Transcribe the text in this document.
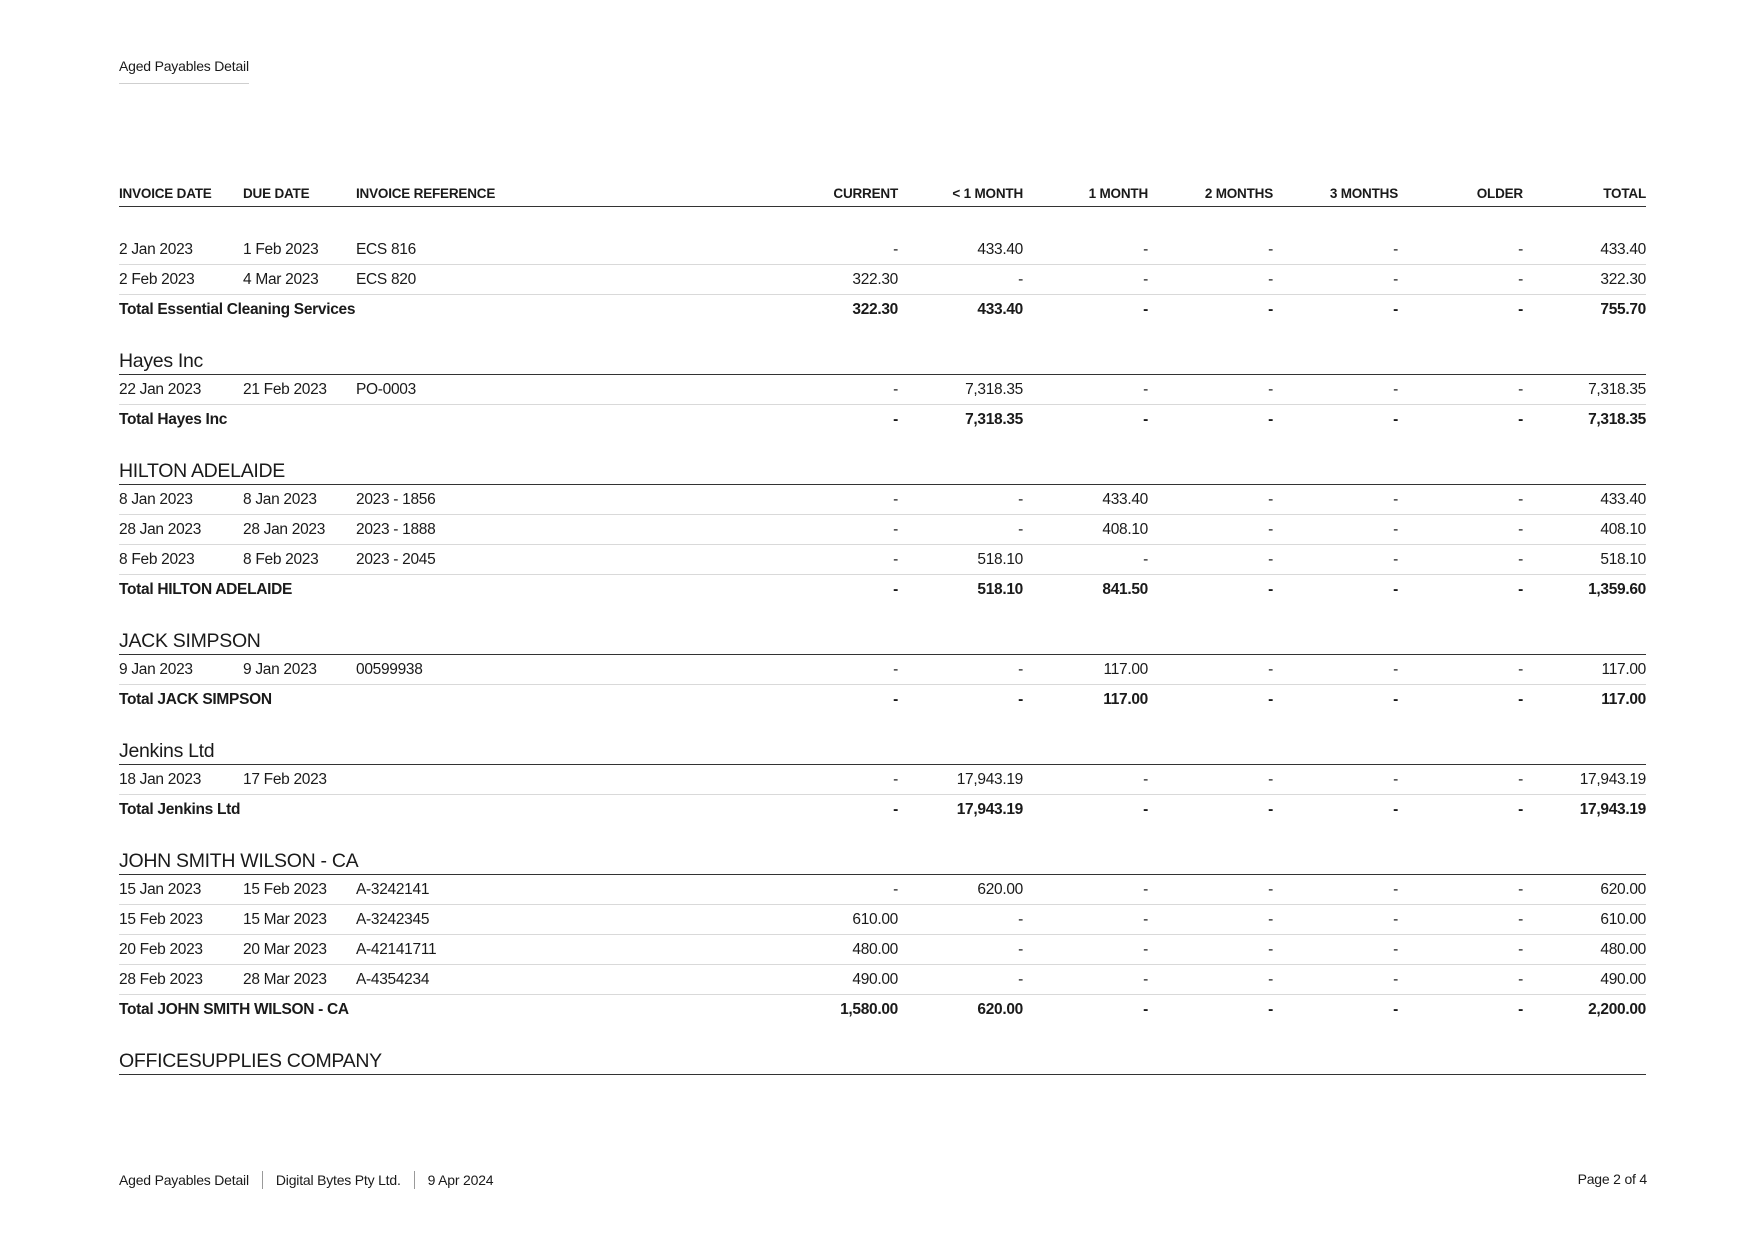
Aged Payables Detail
INVOICE DATE	DUE DATE	INVOICE REFERENCE	CURRENT	< 1 MONTH	1 MONTH	2 MONTHS	3 MONTHS	OLDER	TOTAL

2 Jan 2023	1 Feb 2023	ECS 816	-	433.40	-	-	-	-	433.40
2 Feb 2023	4 Mar 2023	ECS 820	322.30	-	-	-	-	-	322.30
Total Essential Cleaning Services			322.30	433.40	-	-	-	-	755.70

Hayes Inc									
22 Jan 2023	21 Feb 2023	PO-0003	-	7,318.35	-	-	-	-	7,318.35
Total Hayes Inc			-	7,318.35	-	-	-	-	7,318.35

HILTON ADELAIDE									
8 Jan 2023	8 Jan 2023	2023 - 1856	-	-	433.40	-	-	-	433.40
28 Jan 2023	28 Jan 2023	2023 - 1888	-	-	408.10	-	-	-	408.10
8 Feb 2023	8 Feb 2023	2023 - 2045	-	518.10	-	-	-	-	518.10
Total HILTON ADELAIDE			-	518.10	841.50	-	-	-	1,359.60

JACK SIMPSON									
9 Jan 2023	9 Jan 2023	00599938	-	-	117.00	-	-	-	117.00
Total JACK SIMPSON			-	-	117.00	-	-	-	117.00

Jenkins Ltd									
18 Jan 2023	17 Feb 2023		-	17,943.19	-	-	-	-	17,943.19
Total Jenkins Ltd			-	17,943.19	-	-	-	-	17,943.19

JOHN SMITH WILSON - CA									
15 Jan 2023	15 Feb 2023	A-3242141	-	620.00	-	-	-	-	620.00
15 Feb 2023	15 Mar 2023	A-3242345	610.00	-	-	-	-	-	610.00
20 Feb 2023	20 Mar 2023	A-42141711	480.00	-	-	-	-	-	480.00
28 Feb 2023	28 Mar 2023	A-4354234	490.00	-	-	-	-	-	490.00
Total JOHN SMITH WILSON - CA			1,580.00	620.00	-	-	-	-	2,200.00

OFFICESUPPLIES COMPANY									
Aged Payables Detail Digital Bytes Pty Ltd. 9 Apr 2024	Page 2 of 4
